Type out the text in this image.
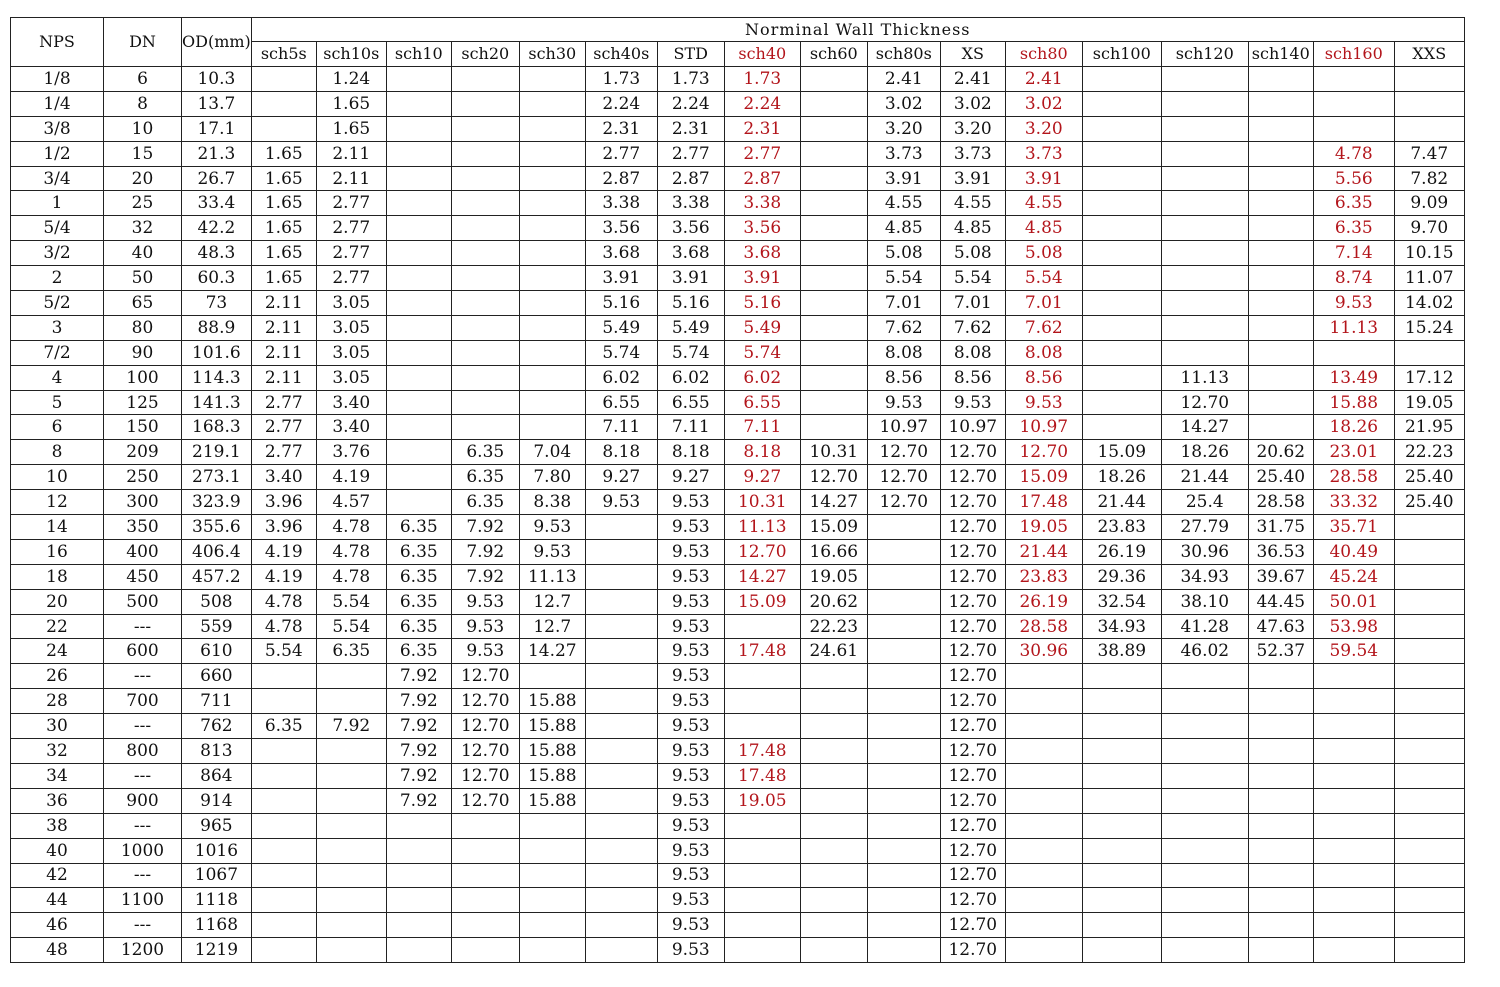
NPS	DN	OD(mm)	Norminal Wall Thickness																
			sch5s	sch10s	sch10	sch20	sch30	sch40s	STD	sch40	sch60	sch80s	XS	sch80	sch100	sch120	sch140	sch160	XXS
1/8	6	10.3		1.24				1.73	1.73	1.73		2.41	2.41	2.41					
1/4	8	13.7		1.65				2.24	2.24	2.24		3.02	3.02	3.02					
3/8	10	17.1		1.65				2.31	2.31	2.31		3.20	3.20	3.20					
1/2	15	21.3	1.65	2.11				2.77	2.77	2.77		3.73	3.73	3.73				4.78	7.47
3/4	20	26.7	1.65	2.11				2.87	2.87	2.87		3.91	3.91	3.91				5.56	7.82
1	25	33.4	1.65	2.77				3.38	3.38	3.38		4.55	4.55	4.55				6.35	9.09
5/4	32	42.2	1.65	2.77				3.56	3.56	3.56		4.85	4.85	4.85				6.35	9.70
3/2	40	48.3	1.65	2.77				3.68	3.68	3.68		5.08	5.08	5.08				7.14	10.15
2	50	60.3	1.65	2.77				3.91	3.91	3.91		5.54	5.54	5.54				8.74	11.07
5/2	65	73	2.11	3.05				5.16	5.16	5.16		7.01	7.01	7.01				9.53	14.02
3	80	88.9	2.11	3.05				5.49	5.49	5.49		7.62	7.62	7.62				11.13	15.24
7/2	90	101.6	2.11	3.05				5.74	5.74	5.74		8.08	8.08	8.08					
4	100	114.3	2.11	3.05				6.02	6.02	6.02		8.56	8.56	8.56		11.13		13.49	17.12
5	125	141.3	2.77	3.40				6.55	6.55	6.55		9.53	9.53	9.53		12.70		15.88	19.05
6	150	168.3	2.77	3.40				7.11	7.11	7.11		10.97	10.97	10.97		14.27		18.26	21.95
8	209	219.1	2.77	3.76		6.35	7.04	8.18	8.18	8.18	10.31	12.70	12.70	12.70	15.09	18.26	20.62	23.01	22.23
10	250	273.1	3.40	4.19		6.35	7.80	9.27	9.27	9.27	12.70	12.70	12.70	15.09	18.26	21.44	25.40	28.58	25.40
12	300	323.9	3.96	4.57		6.35	8.38	9.53	9.53	10.31	14.27	12.70	12.70	17.48	21.44	25.4	28.58	33.32	25.40
14	350	355.6	3.96	4.78	6.35	7.92	9.53		9.53	11.13	15.09		12.70	19.05	23.83	27.79	31.75	35.71	
16	400	406.4	4.19	4.78	6.35	7.92	9.53		9.53	12.70	16.66		12.70	21.44	26.19	30.96	36.53	40.49	
18	450	457.2	4.19	4.78	6.35	7.92	11.13		9.53	14.27	19.05		12.70	23.83	29.36	34.93	39.67	45.24	
20	500	508	4.78	5.54	6.35	9.53	12.7		9.53	15.09	20.62		12.70	26.19	32.54	38.10	44.45	50.01	
22	---	559	4.78	5.54	6.35	9.53	12.7		9.53		22.23		12.70	28.58	34.93	41.28	47.63	53.98	
24	600	610	5.54	6.35	6.35	9.53	14.27		9.53	17.48	24.61		12.70	30.96	38.89	46.02	52.37	59.54	
26	---	660			7.92	12.70			9.53				12.70						
28	700	711			7.92	12.70	15.88		9.53				12.70						
30	---	762	6.35	7.92	7.92	12.70	15.88		9.53				12.70						
32	800	813			7.92	12.70	15.88		9.53	17.48			12.70						
34	---	864			7.92	12.70	15.88		9.53	17.48			12.70						
36	900	914			7.92	12.70	15.88		9.53	19.05			12.70						
38	---	965							9.53				12.70						
40	1000	1016							9.53				12.70						
42	---	1067							9.53				12.70						
44	1100	1118							9.53				12.70						
46	---	1168							9.53				12.70						
48	1200	1219							9.53				12.70						
